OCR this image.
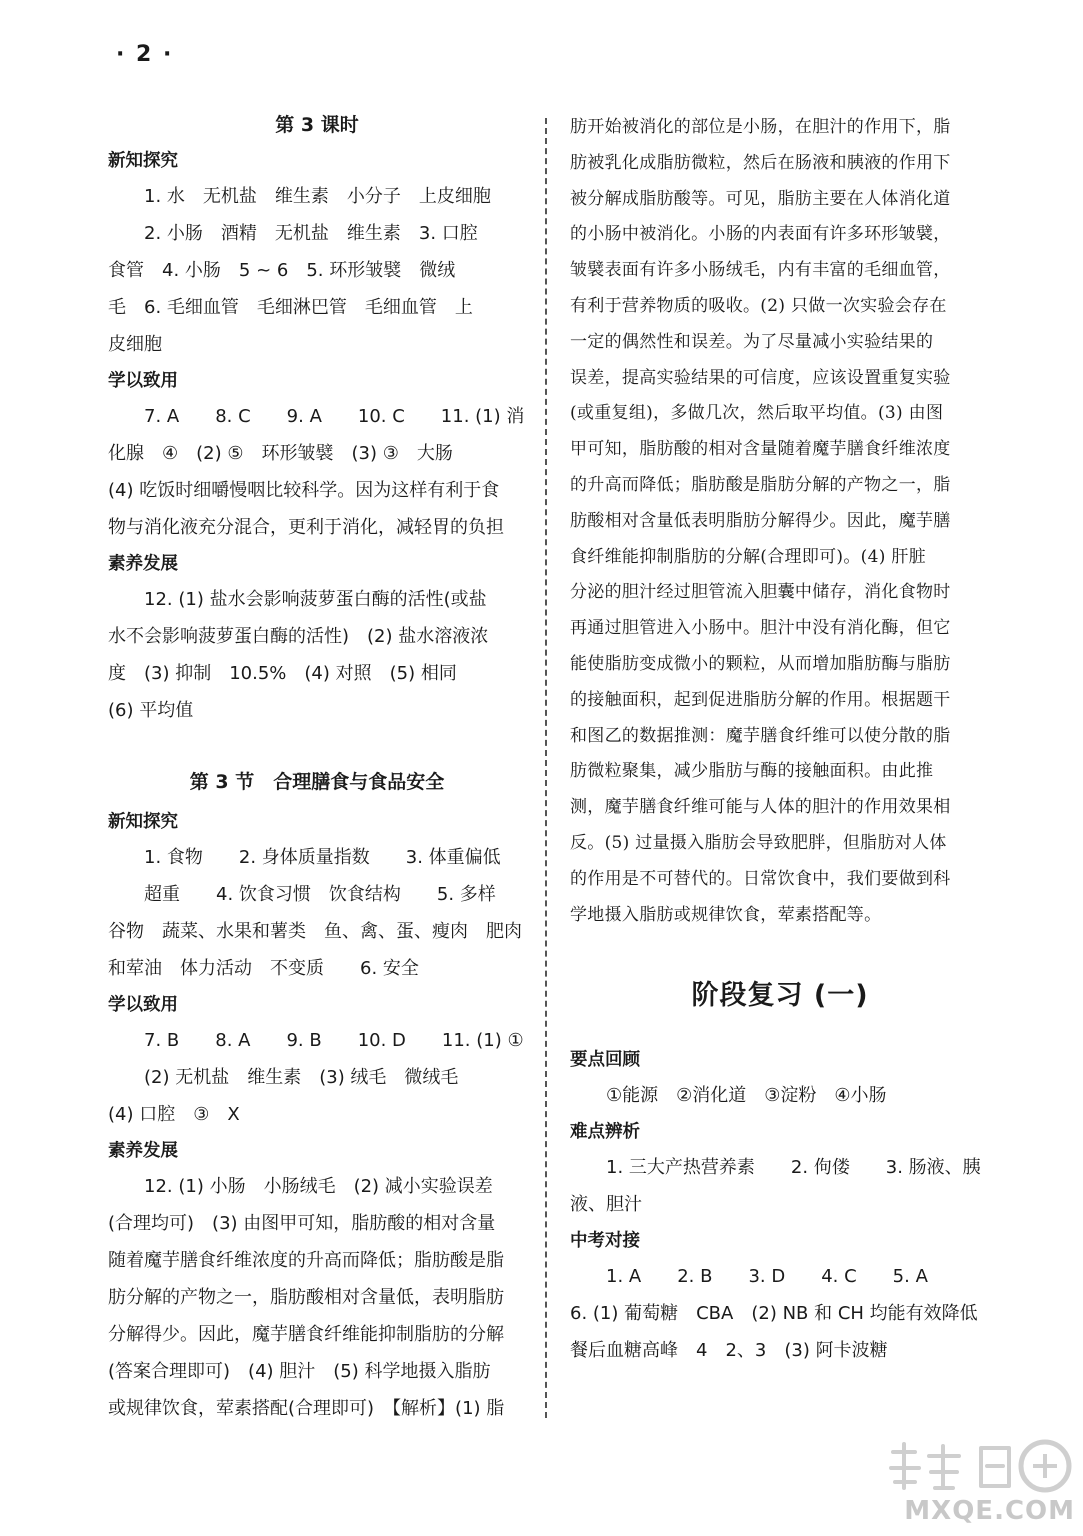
· 2 ·
第 3 课时
新知探究

1. 水　无机盐　维生素　小分子　上皮细胞

2. 小肠　酒精　无机盐　维生素　3. 口腔

食管　4. 小肠　5 ~ 6　5. 环形皱襞　微绒

毛　6. 毛细血管　毛细淋巴管　毛细血管　上

皮细胞

学以致用

7. A　　8. C　　9. A　　10. C　　11. (1) 消

化腺　④　(2) ⑤　环形皱襞　(3) ③　大肠

(4) 吃饭时细嚼慢咽比较科学。因为这样有利于食

物与消化液充分混合，更利于消化，减轻胃的负担

素养发展

12. (1) 盐水会影响菠萝蛋白酶的活性(或盐

水不会影响菠萝蛋白酶的活性)　(2) 盐水溶液浓

度　(3) 抑制　10.5%　(4) 对照　(5) 相同

(6) 平均值

第 3 节　合理膳食与食品安全
新知探究

1. 食物　　2. 身体质量指数　　3. 体重偏低

超重　　4. 饮食习惯　饮食结构　　5. 多样

谷物　蔬菜、水果和薯类　鱼、禽、蛋、瘦肉　肥肉

和荤油　体力活动　不变质　　6. 安全

学以致用

7. B　　8. A　　9. B　　10. D　　11. (1) ①

(2) 无机盐　维生素　(3) 绒毛　微绒毛

(4) 口腔　③　X

素养发展

12. (1) 小肠　小肠绒毛　(2) 减小实验误差

(合理均可)　(3) 由图甲可知，脂肪酸的相对含量

随着魔芋膳食纤维浓度的升高而降低；脂肪酸是脂

肪分解的产物之一，脂肪酸相对含量低，表明脂肪

分解得少。因此，魔芋膳食纤维能抑制脂肪的分解

(答案合理即可)　(4) 胆汁　(5) 科学地摄入脂肪

或规律饮食，荤素搭配(合理即可)　【解析】(1) 脂

肪开始被消化的部位是小肠，在胆汁的作用下，脂

肪被乳化成脂肪微粒，然后在肠液和胰液的作用下

被分解成脂肪酸等。可见，脂肪主要在人体消化道

的小肠中被消化。小肠的内表面有许多环形皱襞，

皱襞表面有许多小肠绒毛，内有丰富的毛细血管，

有利于营养物质的吸收。(2) 只做一次实验会存在

一定的偶然性和误差。为了尽量减小实验结果的

误差，提高实验结果的可信度，应该设置重复实验

(或重复组)，多做几次，然后取平均值。(3) 由图

甲可知，脂肪酸的相对含量随着魔芋膳食纤维浓度

的升高而降低；脂肪酸是脂肪分解的产物之一，脂

肪酸相对含量低表明脂肪分解得少。因此，魔芋膳

食纤维能抑制脂肪的分解(合理即可)。(4) 肝脏

分泌的胆汁经过胆管流入胆囊中储存，消化食物时

再通过胆管进入小肠中。胆汁中没有消化酶，但它

能使脂肪变成微小的颗粒，从而增加脂肪酶与脂肪

的接触面积，起到促进脂肪分解的作用。根据题干

和图乙的数据推测：魔芋膳食纤维可以使分散的脂

肪微粒聚集，减少脂肪与酶的接触面积。由此推

测，魔芋膳食纤维可能与人体的胆汁的作用效果相

反。(5) 过量摄入脂肪会导致肥胖，但脂肪对人体

的作用是不可替代的。日常饮食中，我们要做到科

学地摄入脂肪或规律饮食，荤素搭配等。

阶段复习 (一)
要点回顾

①能源　②消化道　③淀粉　④小肠

难点辨析

1. 三大产热营养素　　2. 佝偻　　3. 肠液、胰

液、胆汁

中考对接

1. A　　2. B　　3. D　　4. C　　5. A

6. (1) 葡萄糖　CBA　(2) NB 和 CH 均能有效降低

餐后血糖高峰　4　2、3　(3) 阿卡波糖

MXQE.COM
